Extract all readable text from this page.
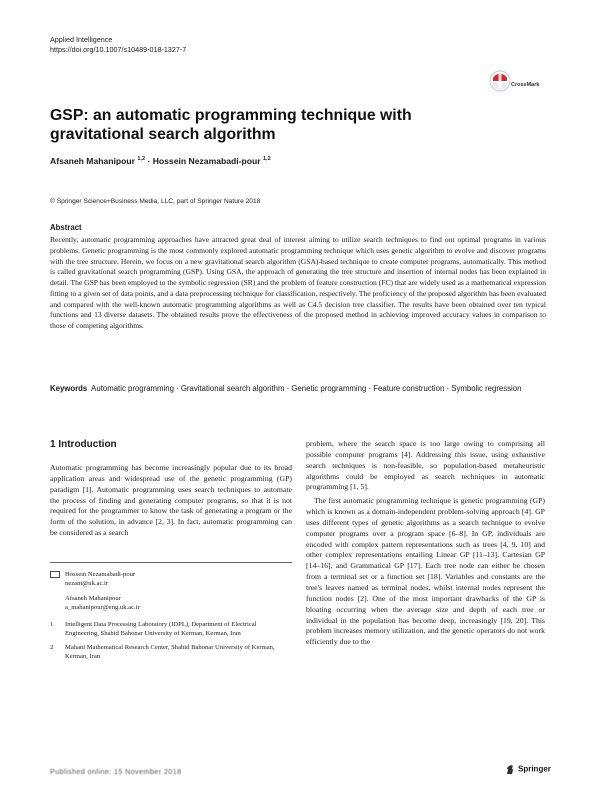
Applied Intelligence
https://doi.org/10.1007/s10489-018-1327-7
CrossMark
GSP: an automatic programming technique with gravitational search algorithm
Afsaneh Mahanipour $^{1,2}$ · Hossein Nezamabadi-pour $^{1,2}$
© Springer Science+Business Media, LLC, part of Springer Nature 2018
Abstract
Recently, automatic programming approaches have attracted great deal of interest aiming to utilize search techniques to find out optimal programs in various problems. Genetic programming is the most commonly explored automatic programming technique which uses genetic algorithm to evolve and discover programs with the tree structure. Herein, we focus on a new gravitational search algorithm (GSA)-based technique to create computer programs, automatically. This method is called gravitational search programming (GSP). Using GSA, the approach of generating the tree structure and insertion of internal nodes has been explained in detail. The GSP has been employed to the symbolic regression (SR) and the problem of feature construction (FC) that are widely used as a mathematical expression fitting to a given set of data points, and a data preprocessing technique for classification, respectively. The proficiency of the proposed algorithm has been evaluated and compared with the well-known automatic programming algorithms as well as C4.5 decision tree classifier. The results have been obtained over ten typical functions and 13 diverse datasets. The obtained results prove the effectiveness of the proposed method in achieving improved accuracy values in comparison to those of competing algorithms.
Keywords Automatic programming · Gravitational search algorithm · Genetic programming · Feature construction · Symbolic regression
1 Introduction

Automatic programming has become increasingly popular due to its broad application areas and widespread use of the genetic programming (GP) paradigm [1]. Automatic programming uses search techniques to automate the process of finding and generating computer programs, so that it is not required for the programmer to know the task of generating a program or the form of the solution, in advance [2, 3]. In fact, automatic programming can be considered as a search

problem, where the search space is too large owing to comprising all possible computer programs [4]. Addressing this issue, using exhaustive search techniques is non-feasible, so population-based metaheuristic algorithms could be employed as search techniques in automatic programming [1, 5].

The first automatic programming technique is genetic programming (GP) which is known as a domain-independent problem-solving approach [4]. GP uses different types of genetic algorithms as a search technique to evolve computer programs over a program space [6–8]. In GP, individuals are encoded with complex pattern representations such as trees [4, 9, 10] and other complex representations entailing Linear GP [11–13], Cartesian GP [14–16], and Grammatical GP [17]. Each tree node can either be chosen from a terminal set or a function set [18]. Variables and constants are the tree's leaves named as terminal nodes, whilst internal nodes represent the function nodes [2]. One of the most important drawbacks of the GP is bloating occurring when the average size and depth of each tree or individual in the population has become deep, increasingly [19, 20]. This problem increases memory utilization, and the genetic operators do not work efficiently due to the

Hossein Nezamabadi-pour
nezam@uk.ac.ir
Afsaneh Mahanipour
a_mahanipour@eng.uk.ac.ir
1 Intelligent Data Processing Laboratory (IDPL), Department of Electrical Engineering, Shahid Bahonar University of Kerman, Kerman, Iran
2 Mahani Mathematical Research Center, Shahid Bahonar University of Kerman, Kerman, Iran
Published online: 15 November 2018	Springer
